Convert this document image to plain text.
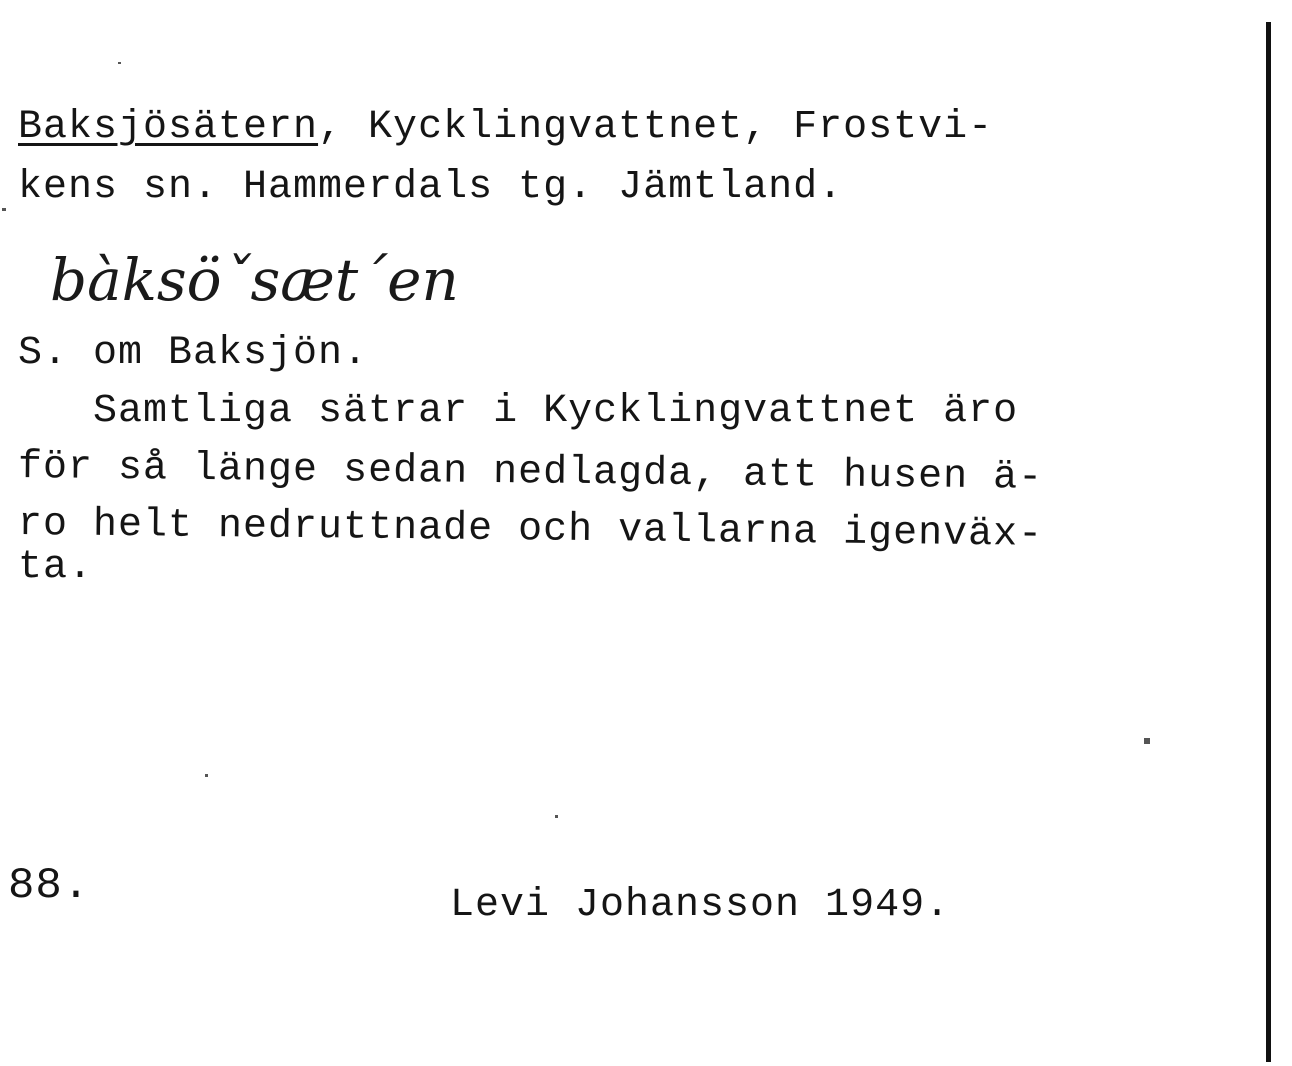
Baksjösätern, Kycklingvattnet, Frostvi-
kens sn. Hammerdals tg. Jämtland.
bàksöˇsæt´en
S. om Baksjön.
Samtliga sätrar i Kycklingvattnet äro
för så länge sedan nedlagda, att husen ä-
ro helt nedruttnade och vallarna igenväx-
ta.
88.	Levi Johansson 1949.
